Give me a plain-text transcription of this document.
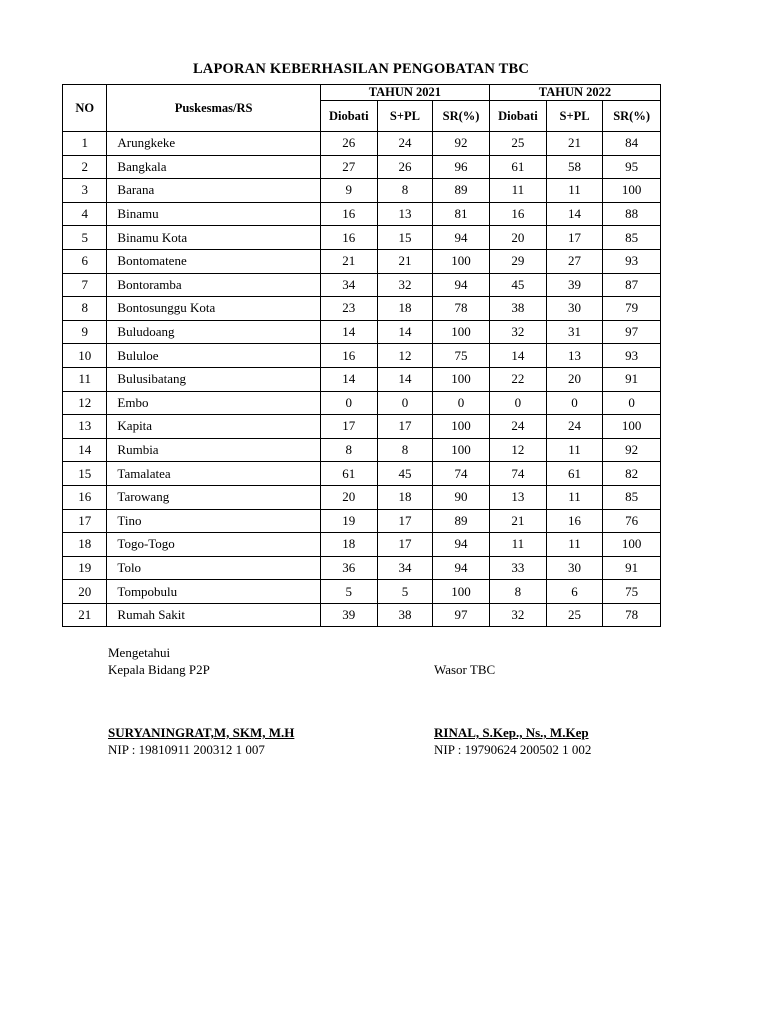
LAPORAN KEBERHASILAN PENGOBATAN TBC
NO	Puskesmas/RS	TAHUN 2021			TAHUN 2022		
		Diobati	S+PL	SR(%)	Diobati	S+PL	SR(%)
1	Arungkeke	26	24	92	25	21	84
2	Bangkala	27	26	96	61	58	95
3	Barana	9	8	89	11	11	100
4	Binamu	16	13	81	16	14	88
5	Binamu Kota	16	15	94	20	17	85
6	Bontomatene	21	21	100	29	27	93
7	Bontoramba	34	32	94	45	39	87
8	Bontosunggu Kota	23	18	78	38	30	79
9	Buludoang	14	14	100	32	31	97
10	Bululoe	16	12	75	14	13	93
11	Bulusibatang	14	14	100	22	20	91
12	Embo	0	0	0	0	0	0
13	Kapita	17	17	100	24	24	100
14	Rumbia	8	8	100	12	11	92
15	Tamalatea	61	45	74	74	61	82
16	Tarowang	20	18	90	13	11	85
17	Tino	19	17	89	21	16	76
18	Togo-Togo	18	17	94	11	11	100
19	Tolo	36	34	94	33	30	91
20	Tompobulu	5	5	100	8	6	75
21	Rumah Sakit	39	38	97	32	25	78
Mengetahui
Kepala Bidang P2P	Wasor TBC
SURYANINGRAT,M, SKM, M.H
NIP : 19810911 200312 1 007
RINAL, S.Kep., Ns., M.Kep
NIP : 19790624 200502 1 002
